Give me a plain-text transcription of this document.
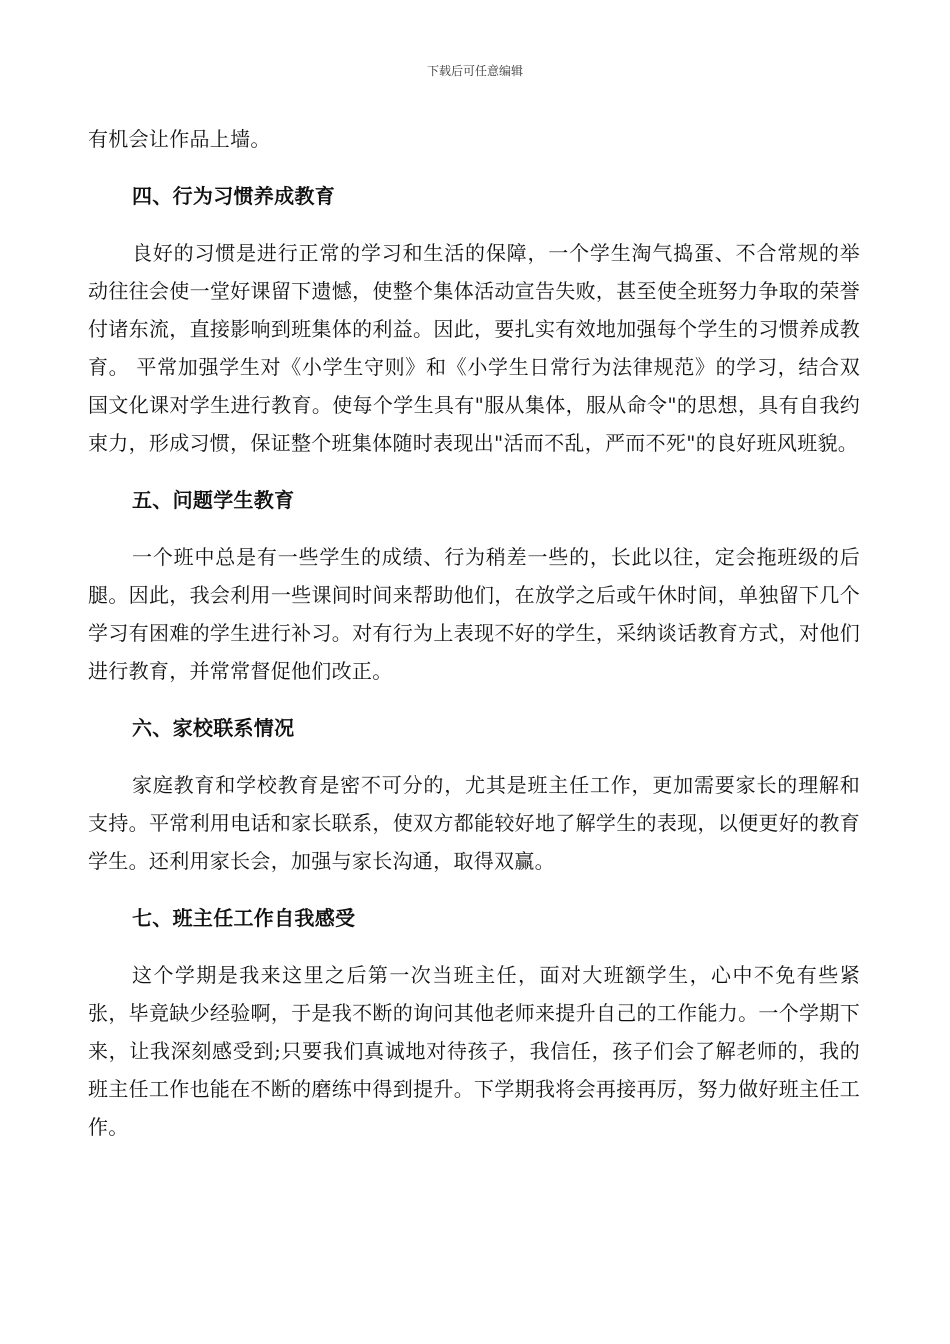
下载后可任意编辑

有机会让作品上墙。

四、行为习惯养成教育

良好的习惯是进行正常的学习和生活的保障，一个学生淘气捣蛋、不合常规的举动往往会使一堂好课留下遗憾，使整个集体活动宣告失败，甚至使全班努力争取的荣誉付诸东流，直接影响到班集体的利益。因此，要扎实有效地加强每个学生的习惯养成教育。 平常加强学生对《小学生守则》和《小学生日常行为法律规范》的学习，结合双国文化课对学生进行教育。使每个学生具有"服从集体，服从命令"的思想，具有自我约束力，形成习惯，保证整个班集体随时表现出"活而不乱，严而不死"的良好班风班貌。

五、问题学生教育

一个班中总是有一些学生的成绩、行为稍差一些的，长此以往，定会拖班级的后腿。因此，我会利用一些课间时间来帮助他们，在放学之后或午休时间，单独留下几个学习有困难的学生进行补习。对有行为上表现不好的学生，采纳谈话教育方式，对他们进行教育，并常常督促他们改正。

六、家校联系情况

家庭教育和学校教育是密不可分的，尤其是班主任工作，更加需要家长的理解和支持。平常利用电话和家长联系，使双方都能较好地了解学生的表现，以便更好的教育学生。还利用家长会，加强与家长沟通，取得双赢。

七、班主任工作自我感受

这个学期是我来这里之后第一次当班主任，面对大班额学生，心中不免有些紧张，毕竟缺少经验啊，于是我不断的询问其他老师来提升自己的工作能力。一个学期下来，让我深刻感受到;只要我们真诚地对待孩子，我信任，孩子们会了解老师的，我的班主任工作也能在不断的磨练中得到提升。下学期我将会再接再厉，努力做好班主任工作。
